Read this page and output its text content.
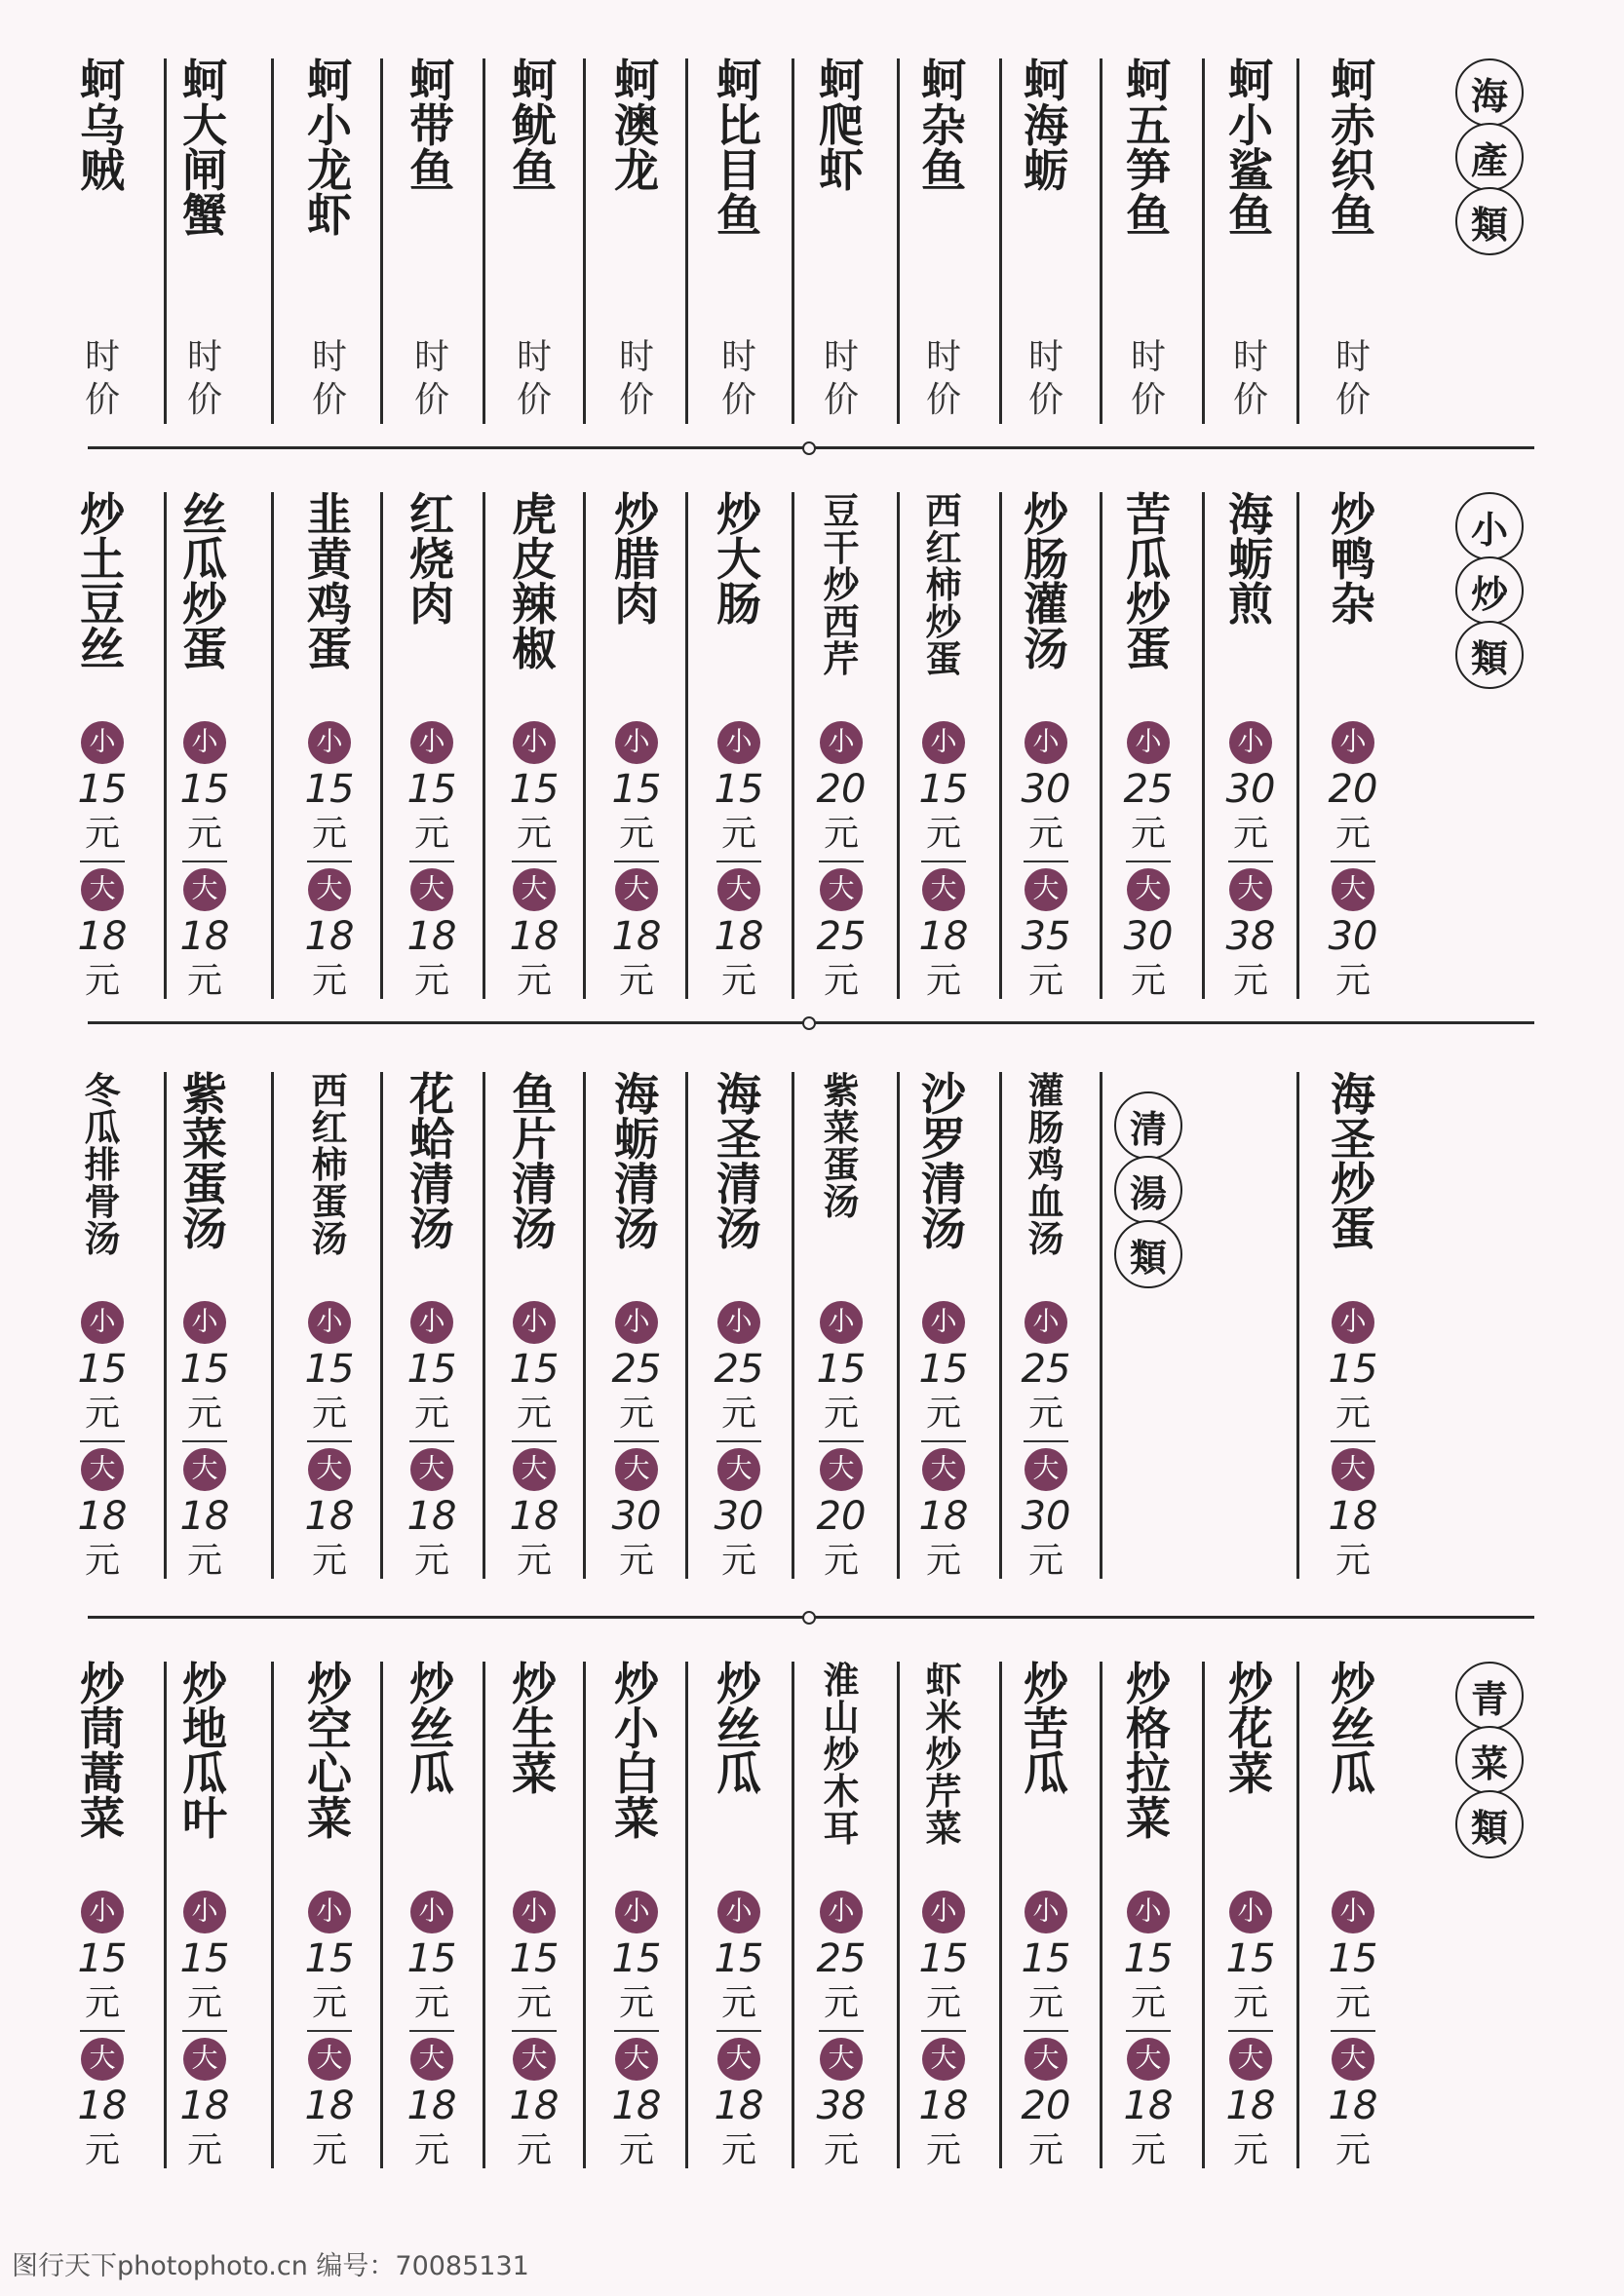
海
產
類
蚵
乌
贼
时
价
蚵
大
闸
蟹
时
价
蚵
小
龙
虾
时
价
蚵
带
鱼
时
价
蚵
鱿
鱼
时
价
蚵
澳
龙
时
价
蚵
比
目
鱼
时
价
蚵
爬
虾
时
价
蚵
杂
鱼
时
价
蚵
海
蛎
时
价
蚵
五
笋
鱼
时
价
蚵
小
鲨
鱼
时
价
蚵
赤
织
鱼
时
价
小
炒
類
炒
土
豆
丝
小
15
元
大
18
元
丝
瓜
炒
蛋
小
15
元
大
18
元
韭
黄
鸡
蛋
小
15
元
大
18
元
红
烧
肉
小
15
元
大
18
元
虎
皮
辣
椒
小
15
元
大
18
元
炒
腊
肉
小
15
元
大
18
元
炒
大
肠
小
15
元
大
18
元
豆
干
炒
西
芹
小
20
元
大
25
元
西
红
柿
炒
蛋
小
15
元
大
18
元
炒
肠
灌
汤
小
30
元
大
35
元
苦
瓜
炒
蛋
小
25
元
大
30
元
海
蛎
煎
小
30
元
大
38
元
炒
鸭
杂
小
20
元
大
30
元
清
湯
類
冬
瓜
排
骨
汤
小
15
元
大
18
元
紫
菜
蛋
汤
小
15
元
大
18
元
西
红
柿
蛋
汤
小
15
元
大
18
元
花
蛤
清
汤
小
15
元
大
18
元
鱼
片
清
汤
小
15
元
大
18
元
海
蛎
清
汤
小
25
元
大
30
元
海
圣
清
汤
小
25
元
大
30
元
紫
菜
蛋
汤
小
15
元
大
20
元
沙
罗
清
汤
小
15
元
大
18
元
灌
肠
鸡
血
汤
小
25
元
大
30
元
海
圣
炒
蛋
小
15
元
大
18
元
青
菜
類
炒
茼
蒿
菜
小
15
元
大
18
元
炒
地
瓜
叶
小
15
元
大
18
元
炒
空
心
菜
小
15
元
大
18
元
炒
丝
瓜
小
15
元
大
18
元
炒
生
菜
小
15
元
大
18
元
炒
小
白
菜
小
15
元
大
18
元
炒
丝
瓜
小
15
元
大
18
元
淮
山
炒
木
耳
小
25
元
大
38
元
虾
米
炒
芹
菜
小
15
元
大
18
元
炒
苦
瓜
小
15
元
大
20
元
炒
格
拉
菜
小
15
元
大
18
元
炒
花
菜
小
15
元
大
18
元
炒
丝
瓜
小
15
元
大
18
元
图行天下photophoto.cn 编号：70085131
